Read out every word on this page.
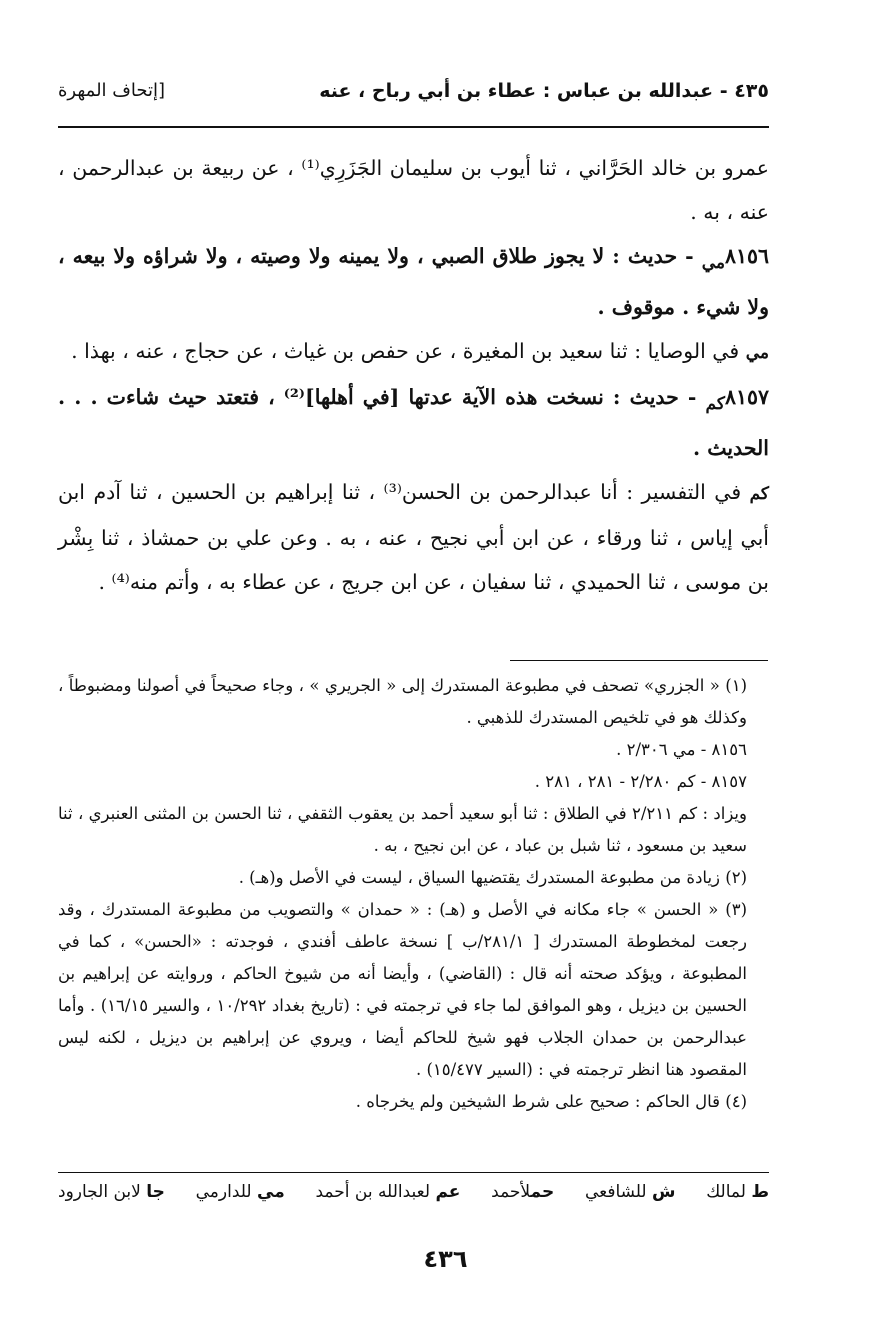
٤٣٥ - عبدالله بن عباس : عطاء بن أبي رباح ، عنه
[إتحاف المهرة

عمرو بن خالد الحَرَّاني ، ثنا أيوب بن سليمان الجَزَرِي⁽¹⁾ ، عن ربيعة بن عبدالرحمن ، عنه ، به .

$٨١٥٦_{مي}$ - حديث : لا يجوز طلاق الصبي ، ولا يمينه ولا وصيته ، ولا شراؤه ولا بيعه ، ولا شيء . موقوف .

مي في الوصايا : ثنا سعيد بن المغيرة ، عن حفص بن غياث ، عن حجاج ، عنه ، بهذا .

$٨١٥٧_{كم}$ - حديث : نسخت هذه الآية عدتها [في أهلها]⁽²⁾ ، فتعتد حيث شاءت . . . الحديث .

كم في التفسير : أنا عبدالرحمن بن الحسن⁽³⁾ ، ثنا إبراهيم بن الحسين ، ثنا آدم ابن أبي إياس ، ثنا ورقاء ، عن ابن أبي نجيح ، عنه ، به . وعن علي بن حمشاذ ، ثنا بِشْر بن موسى ، ثنا الحميدي ، ثنا سفيان ، عن ابن جريج ، عن عطاء به ، وأتم منه⁽⁴⁾ .

(١) « الجزري» تصحف في مطبوعة المستدرك إلى « الجريري » ، وجاء صحيحاً في أصولنا ومضبوطاً ، وكذلك هو في تلخيص المستدرك للذهبي .

٨١٥٦ - مي ٢/٣٠٦ .

٨١٥٧ - كم ٢/٢٨٠ - ٢٨١ ، ٢٨١ .

ويزاد : كم ٢/٢١١ في الطلاق : ثنا أبو سعيد أحمد بن يعقوب الثقفي ، ثنا الحسن بن المثنى العنبري ، ثنا سعيد بن مسعود ، ثنا شبل بن عباد ، عن ابن نجيح ، به .

(٢) زيادة من مطبوعة المستدرك يقتضيها السياق ، ليست في الأصل و(هـ) .

(٣) « الحسن » جاء مكانه في الأصل و (هـ) : « حمدان » والتصويب من مطبوعة المستدرك ، وقد رجعت لمخطوطة المستدرك [ ٢٨١/١/ب ] نسخة عاطف أفندي ، فوجدته : «الحسن» ، كما في المطبوعة ، ويؤكد صحته أنه قال : (القاضي) ، وأيضا أنه من شيوخ الحاكم ، وروايته عن إبراهيم بن الحسين بن ديزيل ، وهو الموافق لما جاء في ترجمته في : (تاريخ بغداد ١٠/٢٩٢ ، والسير ١٦/١٥) . وأما عبدالرحمن بن حمدان الجلاب فهو شيخ للحاكم أيضا ، ويروي عن إبراهيم بن ديزيل ، لكنه ليس المقصود هنا انظر ترجمته في : (السير ١٥/٤٧٧) .

(٤) قال الحاكم : صحيح على شرط الشيخين ولم يخرجاه .

ط لمالك
ش للشافعي
حملأحمد
عم لعبدالله بن أحمد
مي للدارمي
جا لابن الجارود
٤٣٦
